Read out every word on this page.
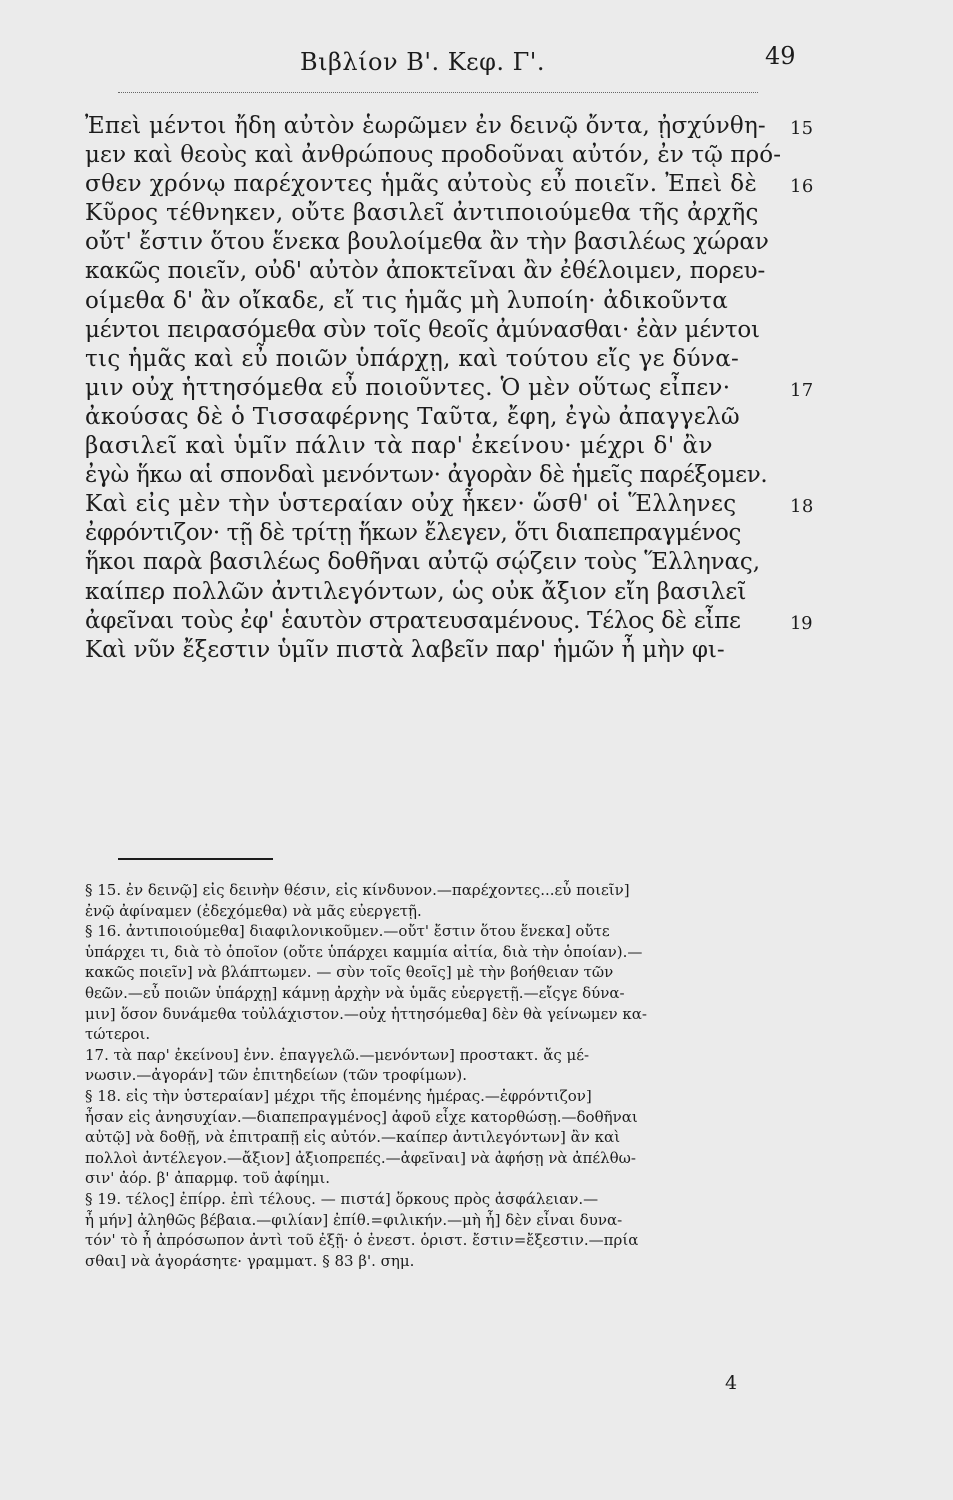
Βιβλίον Β'. Κεφ. Γ'.	49
Ἐπεὶ μέντοι ἤδη αὐτὸν ἑωρῶμεν ἐν δεινῷ ὄντα, ᾐσχύνθη- 15
μεν καὶ θεοὺς καὶ ἀνθρώπους προδοῦναι αὐτόν, ἐν τῷ πρό-
σθεν χρόνῳ παρέχοντες ἡμᾶς αὐτοὺς εὖ ποιεῖν. Ἐπεὶ δὲ 16
Κῦρος τέθνηκεν, οὔτε βασιλεῖ ἀντιποιούμεθα τῆς ἀρχῆς
οὔτ' ἔστιν ὅτου ἕνεκα βουλοίμεθα ἂν τὴν βασιλέως χώραν
κακῶς ποιεῖν, οὐδ' αὐτὸν ἀποκτεῖναι ἂν ἐθέλοιμεν, πορευ-
οίμεθα δ' ἂν οἴκαδε, εἴ τις ἡμᾶς μὴ λυποίη· ἀδικοῦντα
μέντοι πειρασόμεθα σὺν τοῖς θεοῖς ἀμύνασθαι· ἐὰν μέντοι
τις ἡμᾶς καὶ εὖ ποιῶν ὑπάρχῃ, καὶ τούτου εἴς γε δύνα-
μιν οὐχ ἡττησόμεθα εὖ ποιοῦντες. Ὁ μὲν οὕτως εἶπεν·	17
ἀκούσας δὲ ὁ Τισσαφέρνης Ταῦτα, ἔφη, ἐγὼ ἀπαγγελῶ
βασιλεῖ καὶ ὑμῖν πάλιν τὰ παρ' ἐκείνου· μέχρι δ' ἂν
ἐγὼ ἥκω αἱ σπονδαὶ μενόντων· ἀγορὰν δὲ ἡμεῖς παρέξομεν.
Καὶ εἰς μὲν τὴν ὑστεραίαν οὐχ ἧκεν· ὥσθ' οἱ Ἕλληνες	18
ἐφρόντιζον· τῇ δὲ τρίτῃ ἥκων ἔλεγεν, ὅτι διαπεπραγμένος
ἥκοι παρὰ βασιλέως δοθῆναι αὐτῷ σῴζειν τοὺς Ἕλληνας,
καίπερ πολλῶν ἀντιλεγόντων, ὡς οὐκ ἄξιον εἴη βασιλεῖ
ἀφεῖναι τοὺς ἐφ' ἑαυτὸν στρατευσαμένους. Τέλος δὲ εἶπε	19
Καὶ νῦν ἔξεστιν ὑμῖν πιστὰ λαβεῖν παρ' ἡμῶν ἦ μὴν φι-
§ 15. ἐν δεινῷ] εἰς δεινὴν θέσιν, εἰς κίνδυνον.—παρέχοντες...εὖ ποιεῖν]
ἐνῷ ἀφίναμεν (ἐδεχόμεθα) νὰ μᾶς εὐεργετῇ.
§ 16. ἀντιποιούμεθα] διαφιλονικοῦμεν.—οὔτ' ἔστιν ὅτου ἕνεκα] οὔτε
ὑπάρχει τι, διὰ τὸ ὁποῖον (οὔτε ὑπάρχει καμμία αἰτία, διὰ τὴν ὁποίαν).—
κακῶς ποιεῖν] νὰ βλάπτωμεν. — σὺν τοῖς θεοῖς] μὲ τὴν βοήθειαν τῶν
θεῶν.—εὖ ποιῶν ὑπάρχῃ] κάμνῃ ἀρχὴν νὰ ὑμᾶς εὐεργετῇ.—εἴςγε δύνα-
μιν] ὅσον δυνάμεθα τοὐλάχιστον.—οὐχ ἡττησόμεθα] δὲν θὰ γείνωμεν κα-
τώτεροι.
17. τὰ παρ' ἐκείνου] ἐνν. ἐπαγγελῶ.—μενόντων] προστακτ. ἄς μέ-
νωσιν.—ἀγοράν] τῶν ἐπιτηδείων (τῶν τροφίμων).
§ 18. εἰς τὴν ὑστεραίαν] μέχρι τῆς ἐπομένης ἡμέρας.—ἐφρόντιζον]
ἦσαν εἰς ἀνησυχίαν.—διαπεπραγμένος] ἀφοῦ εἶχε κατορθώσῃ.—δοθῆναι
αὐτῷ] νὰ δοθῇ, νὰ ἐπιτραπῇ εἰς αὐτόν.—καίπερ ἀντιλεγόντων] ἂν καὶ
πολλοὶ ἀντέλεγον.—ἄξιον] ἀξιοπρεπές.—ἀφεῖναι] νὰ ἀφήσῃ νὰ ἀπέλθω-
σιν' ἀόρ. β' ἀπαρμφ. τοῦ ἀφίημι.
§ 19. τέλος] ἐπίρρ. ἐπὶ τέλους. — πιστά] ὅρκους πρὸς ἀσφάλειαν.—
ἦ μήν] ἀληθῶς βέβαια.—φιλίαν] ἐπίθ.=φιλικήν.—μὴ ἦ] δὲν εἶναι δυνα-
τόν' τὸ ἦ ἀπρόσωπον ἀντὶ τοῦ ἐξῇ· ὁ ἐνεστ. ὁριστ. ἔστιν=ἔξεστιν.—πρία
σθαι] νὰ ἀγοράσητε· γραμματ. § 83 β'. σημ.
4
